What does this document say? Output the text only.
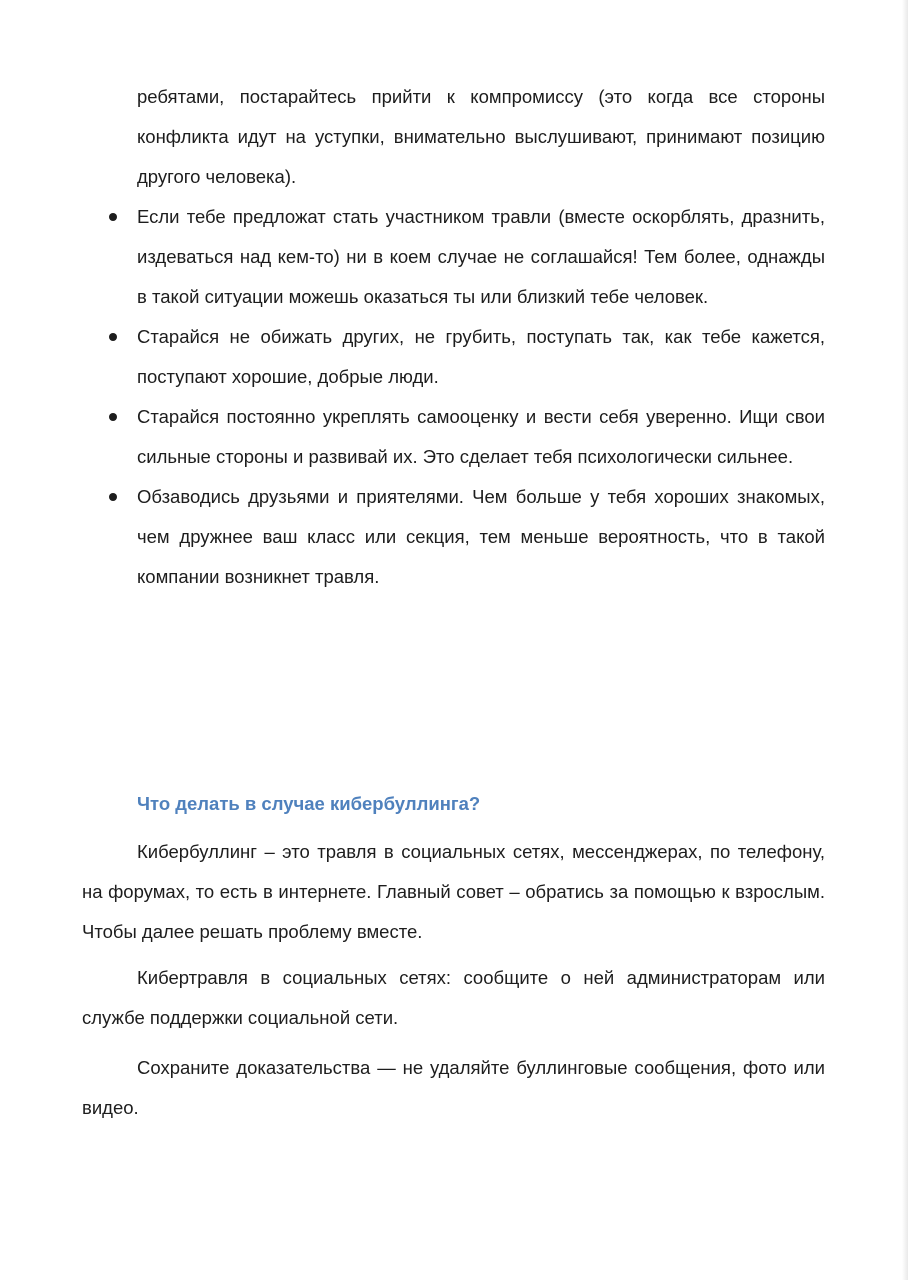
ребятами, постарайтесь прийти к компромиссу (это когда все стороны конфликта идут на уступки, внимательно выслушивают, принимают позицию другого человека).

Если тебе предложат стать участником травли (вместе оскорблять, дразнить, издеваться над кем-то) ни в коем случае не соглашайся! Тем более, однажды в такой ситуации можешь оказаться ты или близкий тебе человек.
Старайся не обижать других, не грубить, поступать так, как тебе кажется, поступают хорошие, добрые люди.
Старайся постоянно укреплять самооценку и вести себя уверенно. Ищи свои сильные стороны и развивай их. Это сделает тебя психологически сильнее.
Обзаводись друзьями и приятелями. Чем больше у тебя хороших знакомых, чем дружнее ваш класс или секция, тем меньше вероятность, что в такой компании возникнет травля.
Что делать в случае кибербуллинга?

Кибербуллинг – это травля в социальных сетях, мессенджерах, по телефону, на форумах, то есть в интернете. Главный совет – обратись за помощью к взрослым. Чтобы далее решать проблему вместе.

Кибертравля в социальных сетях: сообщите о ней администраторам или службе поддержки социальной сети.

Сохраните доказательства — не удаляйте буллинговые сообщения, фото или видео.
